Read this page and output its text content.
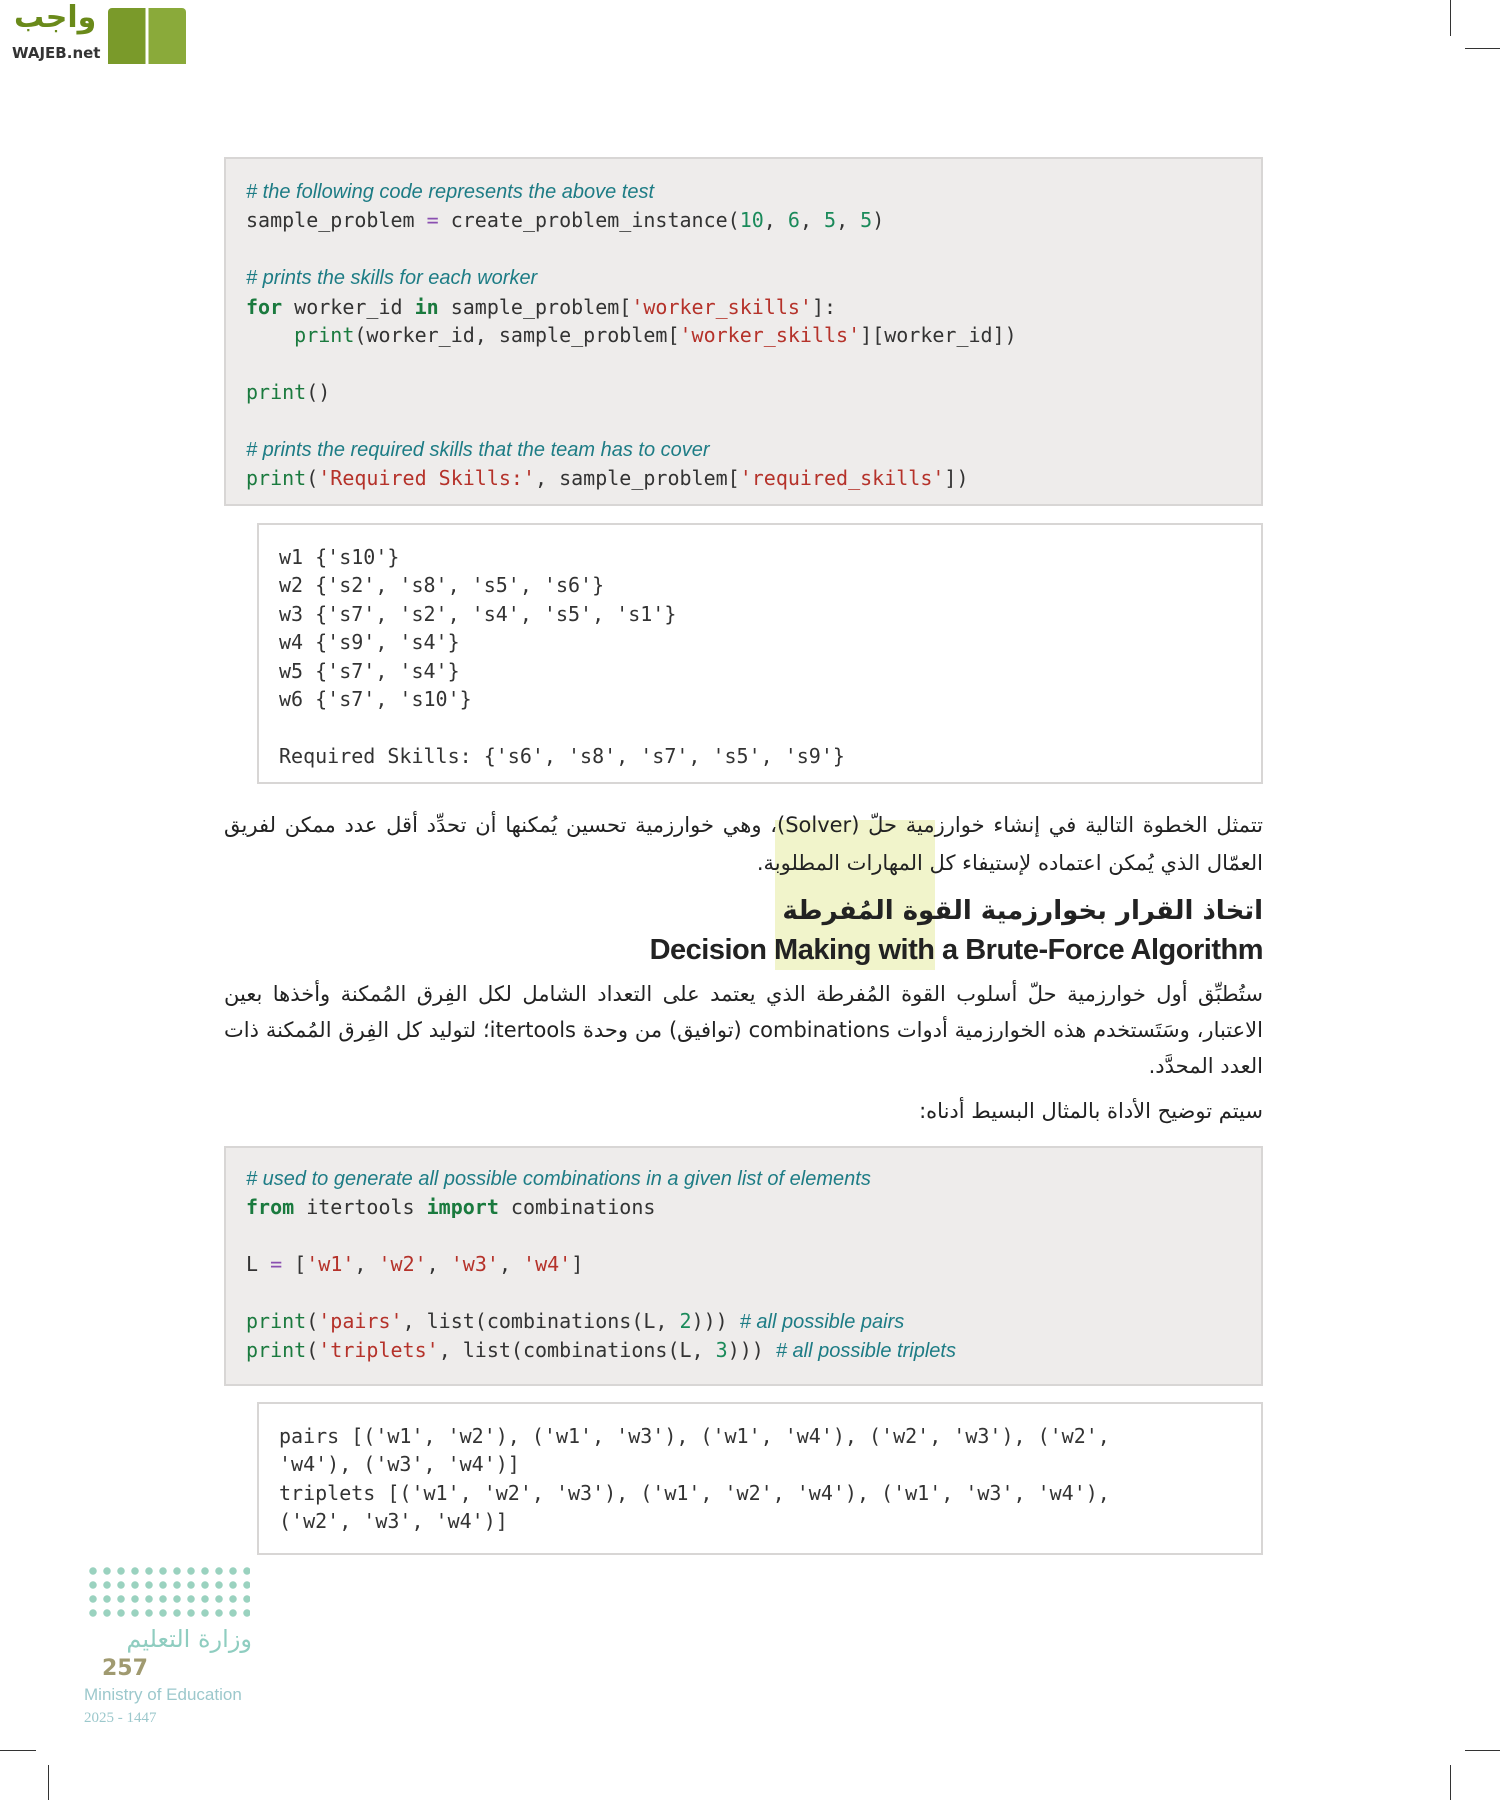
واجب
WAJEB.net
# the following code represents the above test
sample_problem = create_problem_instance(10, 6, 5, 5)
# prints the skills for each worker
for worker_id in sample_problem['worker_skills']:
print(worker_id, sample_problem['worker_skills'][worker_id])
print()
# prints the required skills that the team has to cover
print('Required Skills:', sample_problem['required_skills'])
w1 {'s10'}
w2 {'s2', 's8', 's5', 's6'}
w3 {'s7', 's2', 's4', 's5', 's1'}
w4 {'s9', 's4'}
w5 {'s7', 's4'}
w6 {'s7', 's10'}
Required Skills: {'s6', 's8', 's7', 's5', 's9'}
تتمثل الخطوة التالية في إنشاء خوارزمية حلّ (Solver)، وهي خوارزمية تحسين يُمكنها أن تحدِّد أقل عدد ممكن لفريق العمّال الذي يُمكن اعتماده لإستيفاء كل المهارات المطلوبة.
اتخاذ القرار بخوارزمية القوة المُفرطة
Decision Making with a Brute-Force Algorithm
ستُطبِّق أول خوارزمية حلّ أسلوب القوة المُفرطة الذي يعتمد على التعداد الشامل لكل الفِرق المُمكنة وأخذها بعين الاعتبار، وسَتَستخدم هذه الخوارزمية أدوات combinations (توافيق) من وحدة itertools؛ لتوليد كل الفِرق المُمكنة ذات العدد المحدَّد.
سيتم توضيح الأداة بالمثال البسيط أدناه:
# used to generate all possible combinations in a given list of elements
from itertools import combinations
L = ['w1', 'w2', 'w3', 'w4']
print('pairs', list(combinations(L, 2))) # all possible pairs
print('triplets', list(combinations(L, 3))) # all possible triplets
pairs [('w1', 'w2'), ('w1', 'w3'), ('w1', 'w4'), ('w2', 'w3'), ('w2',
'w4'), ('w3', 'w4')]
triplets [('w1', 'w2', 'w3'), ('w1', 'w2', 'w4'), ('w1', 'w3', 'w4'),
('w2', 'w3', 'w4')]
وزارة التعليم
257
Ministry of Education
2025 - 1447
